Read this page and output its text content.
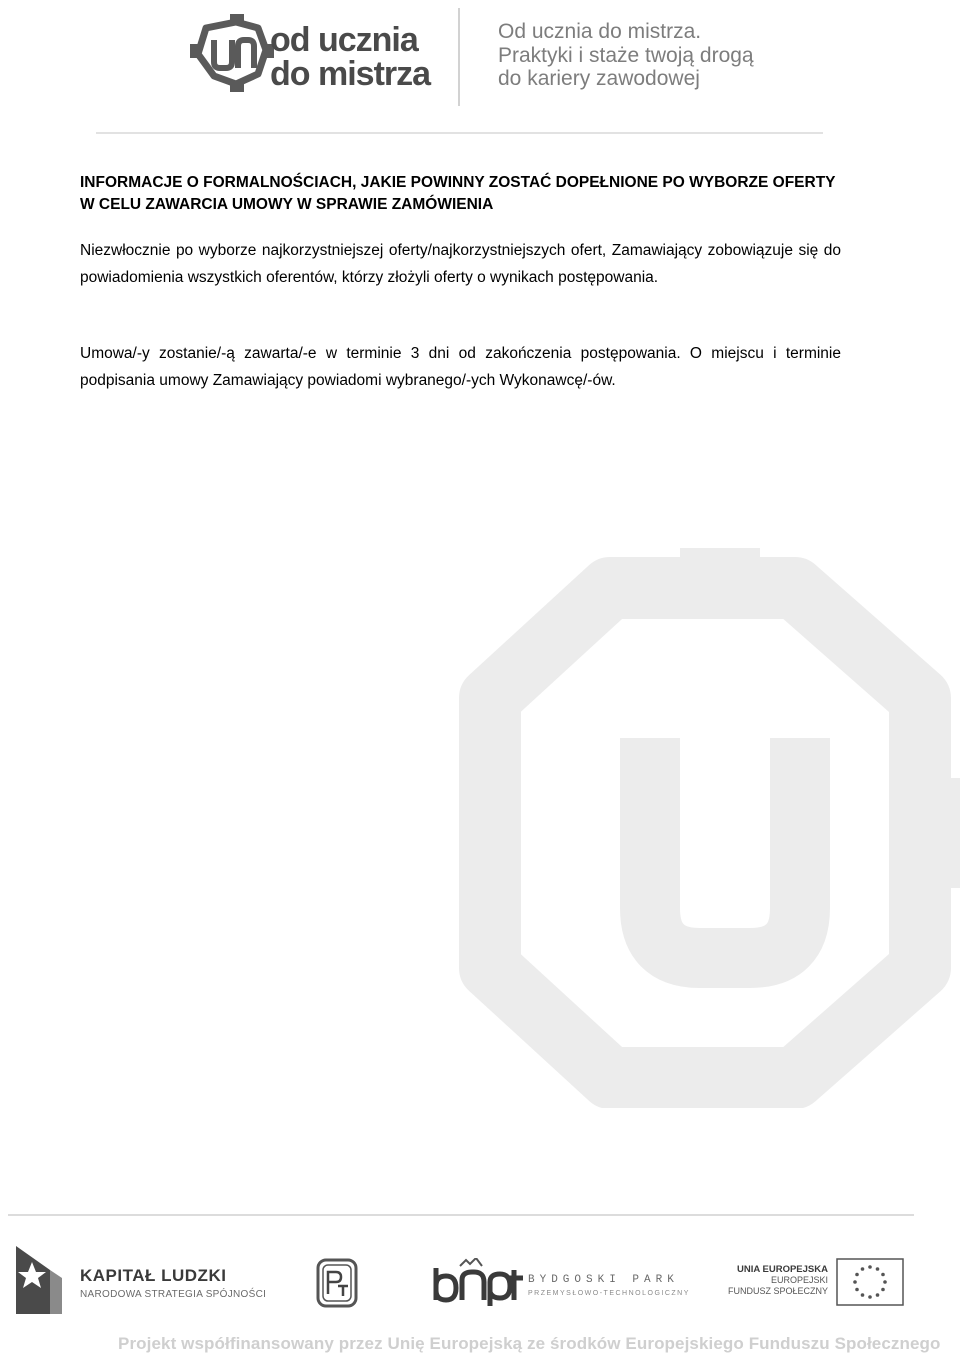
od ucznia
do mistrza
Od ucznia do mistrza.
Praktyki i staże twoją drogą
do kariery zawodowej
INFORMACJE O FORMALNOŚCIACH, JAKIE POWINNY ZOSTAĆ DOPEŁNIONE PO WYBORZE OFERTY
W CELU ZAWARCIA UMOWY W SPRAWIE ZAMÓWIENIA

Niezwłocznie po wyborze najkorzystniejszej oferty/najkorzystniejszych ofert, Zamawiający zobowiązuje się do powiadomienia wszystkich oferentów, którzy złożyli oferty o wynikach postępowania.

Umowa/-y zostanie/-ą zawarta/-e w terminie 3 dni od zakończenia postępowania. O miejscu i terminie podpisania umowy Zamawiający powiadomi wybranego/-ych Wykonawcę/-ów.

KAPITAŁ LUDZKI
NARODOWA STRATEGIA SPÓJNOŚCI
BYDGOSKI PARK
PRZEMYSŁOWO-TECHNOLOGICZNY
UNIA EUROPEJSKA
EUROPEJSKI
FUNDUSZ SPOŁECZNY
Projekt współfinansowany przez Unię Europejską ze środków Europejskiego Funduszu Społecznego
